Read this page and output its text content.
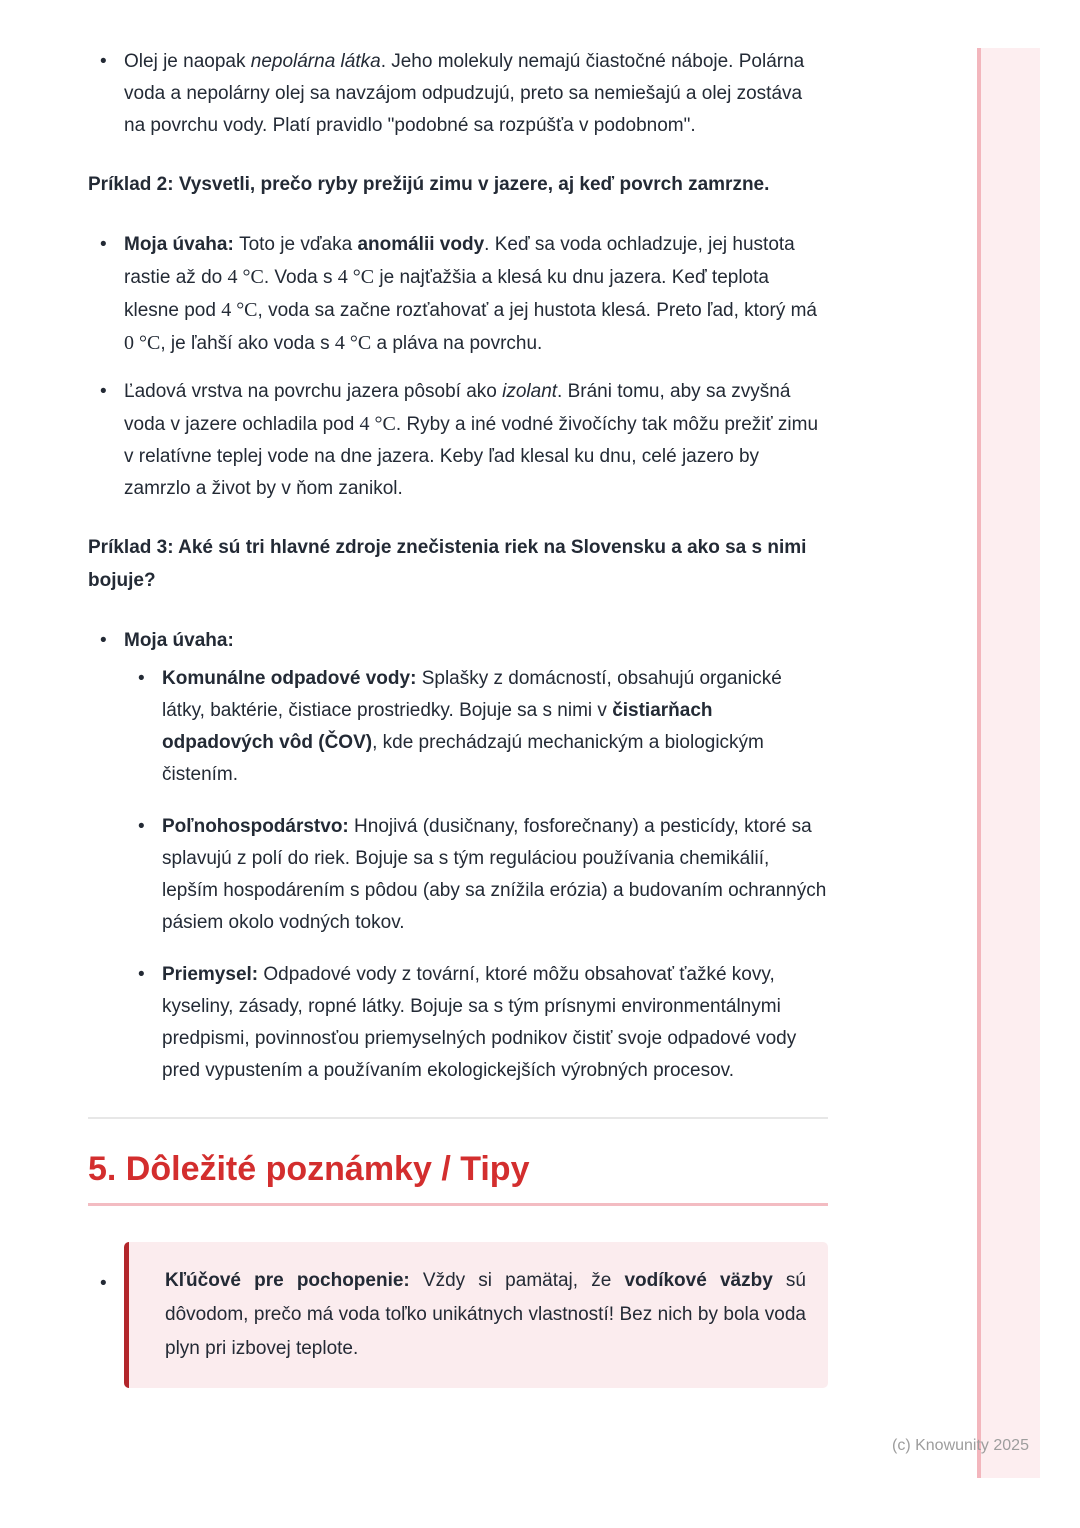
• Olej je naopak nepolárna látka. Jeho molekuly nemajú čiastočné náboje. Polárna voda a nepolárny olej sa navzájom odpudzujú, preto sa nemiešajú a olej zostáva na povrchu vody. Platí pravidlo "podobné sa rozpúšťa v podobnom".

Príklad 2: Vysvetli, prečo ryby prežijú zimu v jazere, aj keď povrch zamrzne.

• Moja úvaha: Toto je vďaka anomálii vody. Keď sa voda ochladzuje, jej hustota rastie až do 4 °C. Voda s 4 °C je najťažšia a klesá ku dnu jazera. Keď teplota klesne pod 4 °C, voda sa začne rozťahovať a jej hustota klesá. Preto ľad, ktorý má 0 °C, je ľahší ako voda s 4 °C a pláva na povrchu.
• Ľadová vrstva na povrchu jazera pôsobí ako izolant. Bráni tomu, aby sa zvyšná voda v jazere ochladila pod 4 °C. Ryby a iné vodné živočíchy tak môžu prežiť zimu v relatívne teplej vode na dne jazera. Keby ľad klesal ku dnu, celé jazero by zamrzlo a život by v ňom zanikol.

Príklad 3: Aké sú tri hlavné zdroje znečistenia riek na Slovensku a ako sa s nimi bojuje?

• Moja úvaha:
• Komunálne odpadové vody: Splašky z domácností, obsahujú organické látky, baktérie, čistiace prostriedky. Bojuje sa s nimi v čistiarňach odpadových vôd (ČOV), kde prechádzajú mechanickým a biologickým čistením.
• Poľnohospodárstvo: Hnojivá (dusičnany, fosforečnany) a pesticídy, ktoré sa splavujú z polí do riek. Bojuje sa s tým reguláciou používania chemikálií, lepším hospodárením s pôdou (aby sa znížila erózia) a budovaním ochranných pásiem okolo vodných tokov.
• Priemysel: Odpadové vody z tovární, ktoré môžu obsahovať ťažké kovy, kyseliny, zásady, ropné látky. Bojuje sa s tým prísnymi environmentálnymi predpismi, povinnosťou priemyselných podnikov čistiť svoje odpadové vody pred vypustením a používaním ekologickejších výrobných procesov.
5. Dôležité poznámky / Tipy
• Kľúčové pre pochopenie: Vždy si pamätaj, že vodíkové väzby sú dôvodom, prečo má voda toľko unikátnych vlastností! Bez nich by bola voda plyn pri izbovej teplote.
(c) Knowunity 2025
